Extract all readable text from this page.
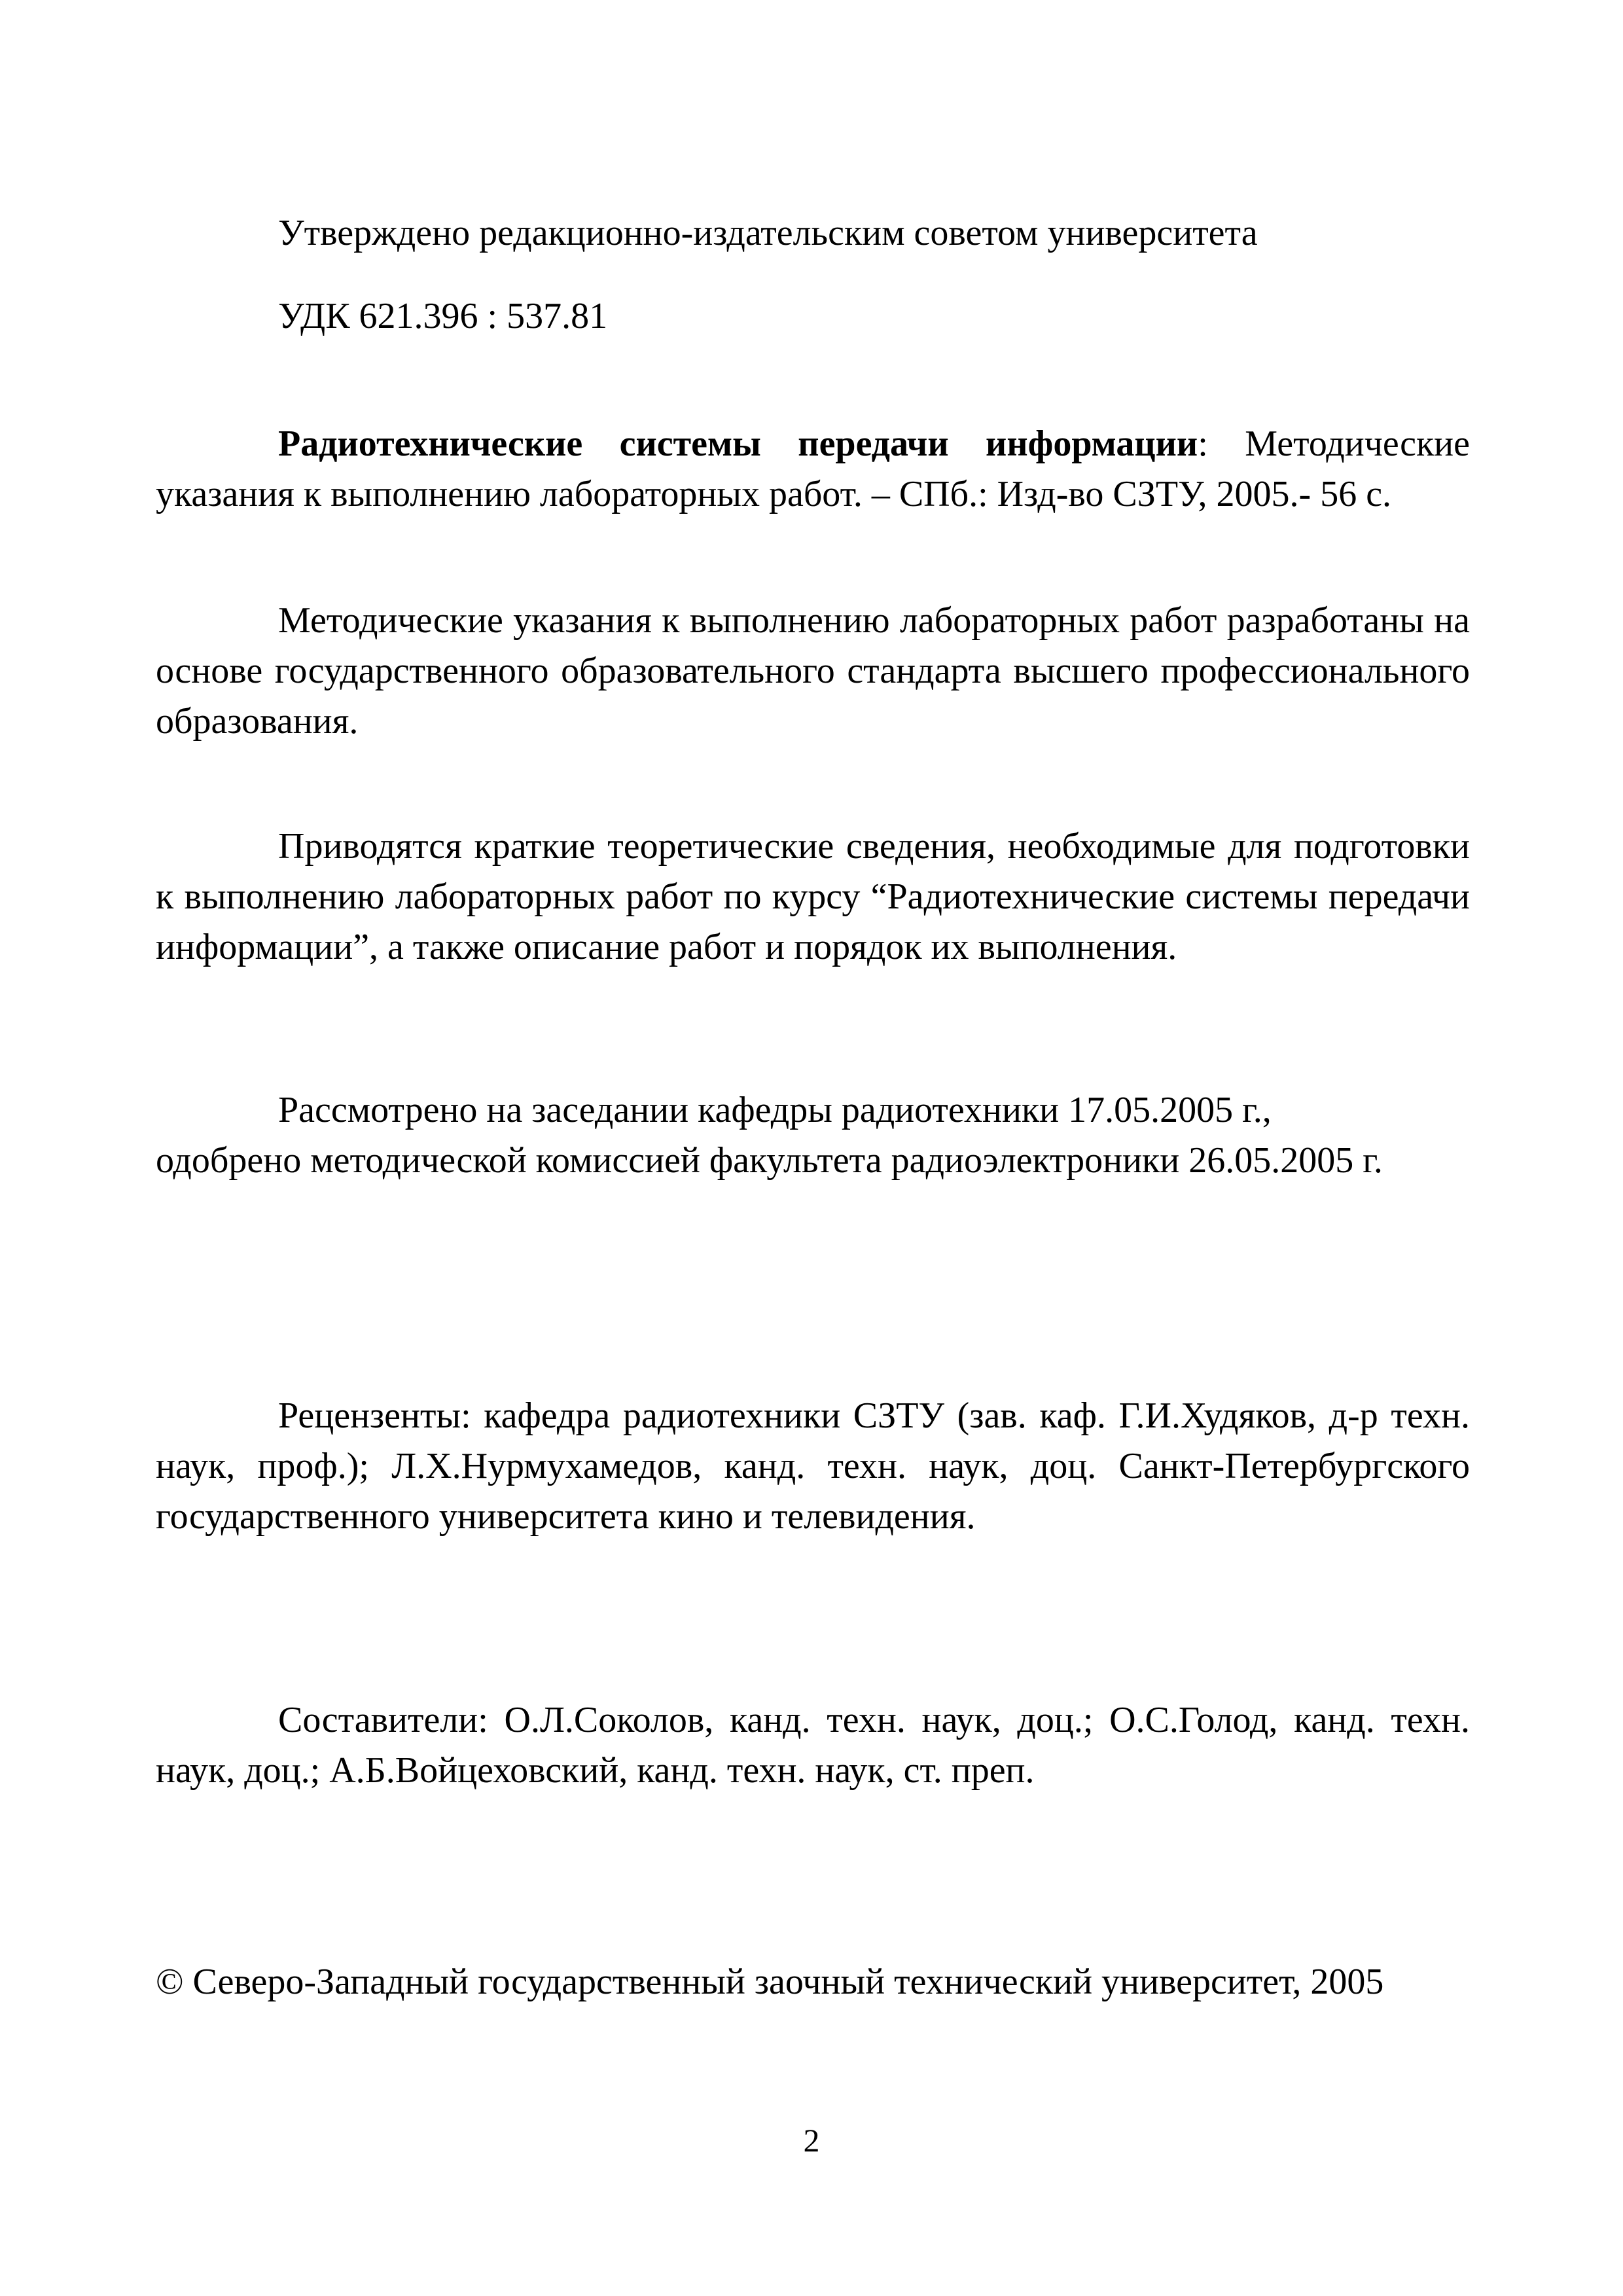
Утверждено редакционно-издательским советом университета

УДК 621.396 : 537.81

Радиотехнические системы передачи информации: Методические указания к выполнению лабораторных работ. – СПб.: Изд-во СЗТУ, 2005.- 56 с.

Методические указания к выполнению лабораторных работ разработаны на основе государственного образовательного стандарта высшего профессионального образования.

Приводятся краткие теоретические сведения, необходимые для подготовки к выполнению лабораторных работ по курсу “Радиотехнические системы передачи информации”, а также описание работ и порядок их выполнения.

Рассмотрено на заседании кафедры радиотехники 17.05.2005 г.,
одобрено методической комиссией факультета радиоэлектроники 26.05.2005 г.

Рецензенты: кафедра радиотехники СЗТУ (зав. каф. Г.И.Худяков, д-р техн. наук, проф.); Л.Х.Нурмухамедов, канд. техн. наук, доц. Санкт-Петербургского государственного университета кино и телевидения.

Составители: О.Л.Соколов, канд. техн. наук, доц.; О.С.Голод, канд. техн. наук, доц.; А.Б.Войцеховский, канд. техн. наук, ст. преп.

© Северо-Западный государственный заочный технический университет, 2005

2
